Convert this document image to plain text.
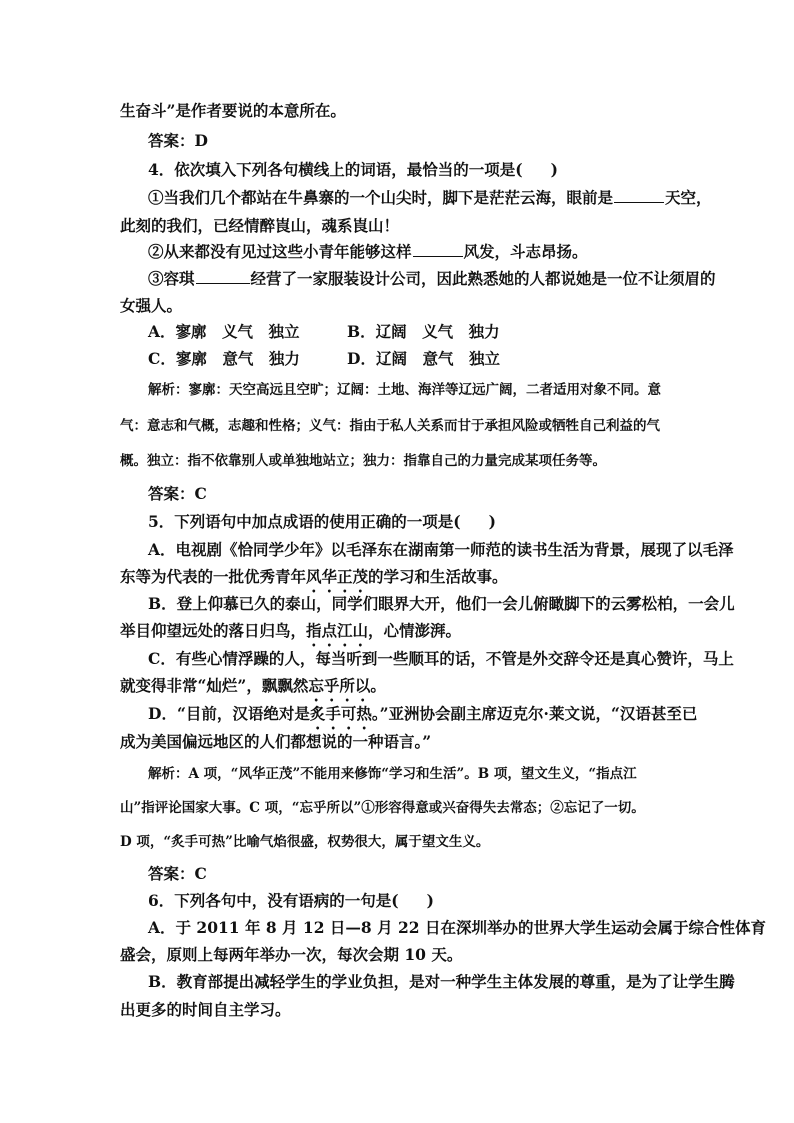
生奋斗”是作者要说的本意所在。
答案：D
4．依次填入下列各句横线上的词语，最恰当的一项是( )
①当我们几个都站在牛鼻寨的一个山尖时，脚下是茫茫云海，眼前是	天空，
此刻的我们，已经情醉崀山，魂系崀山！
②从来都没有见过这些小青年能够这样	风发，斗志昂扬。
③容琪	经营了一家服装设计公司，因此熟悉她的人都说她是一位不让须眉的
女强人。
A．寥廓　义气　独立	B．辽阔　义气　独力
C．寥廓　意气　独力	D．辽阔　意气　独立
解析：寥廓：天空高远且空旷；辽阔：土地、海洋等辽远广阔，二者适用对象不同。意
气：意志和气概，志趣和性格；义气：指由于私人关系而甘于承担风险或牺牲自己利益的气
概。独立：指不依靠别人或单独地站立；独力：指靠自己的力量完成某项任务等。
答案：C
5．下列语句中加点成语的使用正确的一项是( )
A．电视剧《恰同学少年》以毛泽东在湖南第一师范的读书生活为背景，展现了以毛泽
东等为代表的一批优秀青年风华正茂的学习和生活故事。
B．登上仰慕已久的泰山，同学们眼界大开，他们一会儿俯瞰脚下的云雾松柏，一会儿
举目仰望远处的落日归鸟，指点江山，心情澎湃。
C．有些心情浮躁的人，每当听到一些顺耳的话，不管是外交辞令还是真心赞许，马上
就变得非常“灿烂”，飘飘然忘乎所以。
D．“目前，汉语绝对是炙手可热。”亚洲协会副主席迈克尔·莱文说，“汉语甚至已
成为美国偏远地区的人们都想说的一种语言。”
解析：A 项，“风华正茂”不能用来修饰“学习和生活”。B 项，望文生义，“指点江
山”指评论国家大事。C 项，“忘乎所以”①形容得意或兴奋得失去常态；②忘记了一切。
D 项，“炙手可热”比喻气焰很盛，权势很大，属于望文生义。
答案：C
6．下列各句中，没有语病的一句是( )
A．于 2011 年 8 月 12 日—8 月 22 日在深圳举办的世界大学生运动会属于综合性体育
盛会，原则上每两年举办一次，每次会期 10 天。
B．教育部提出减轻学生的学业负担，是对一种学生主体发展的尊重，是为了让学生腾
出更多的时间自主学习。
